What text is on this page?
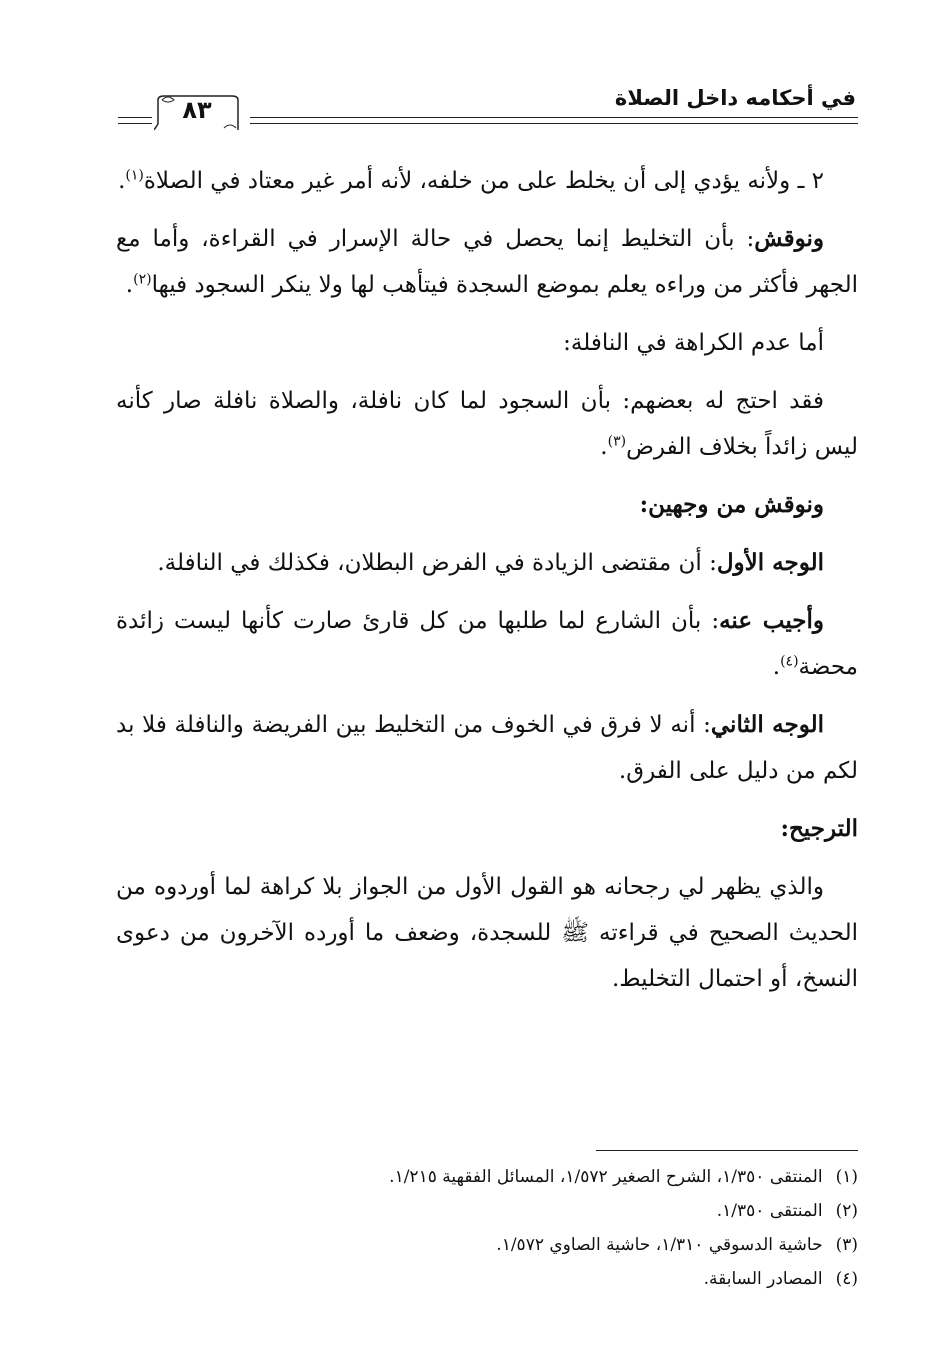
في أحكامه داخل الصلاة
٨٣

٢ ـ ولأنه يؤدي إلى أن يخلط على من خلفه، لأنه أمر غير معتاد في الصلاة$^{(١)}$.

ونوقش: بأن التخليط إنما يحصل في حالة الإسرار في القراءة، وأما مع الجهر فأكثر من وراءه يعلم بموضع السجدة فيتأهب لها ولا ينكر السجود فيها$^{(٢)}$.

أما عدم الكراهة في النافلة:

فقد احتج له بعضهم: بأن السجود لما كان نافلة، والصلاة نافلة صار كأنه ليس زائداً بخلاف الفرض$^{(٣)}$.

ونوقش من وجهين:

الوجه الأول: أن مقتضى الزيادة في الفرض البطلان، فكذلك في النافلة.

وأجيب عنه: بأن الشارع لما طلبها من كل قارئ صارت كأنها ليست زائدة محضة$^{(٤)}$.

الوجه الثاني: أنه لا فرق في الخوف من التخليط بين الفريضة والنافلة فلا بد لكم من دليل على الفرق.

الترجيح:

والذي يظهر لي رجحانه هو القول الأول من الجواز بلا كراهة لما أوردوه من الحديث الصحيح في قراءته ﷺ للسجدة، وضعف ما أورده الآخرون من دعوى النسخ، أو احتمال التخليط.

(١) المنتقى ١/٣٥٠، الشرح الصغير ١/٥٧٢، المسائل الفقهية ١/٢١٥.

(٢) المنتقى ١/٣٥٠.

(٣) حاشية الدسوقي ١/٣١٠، حاشية الصاوي ١/٥٧٢.

(٤) المصادر السابقة.
